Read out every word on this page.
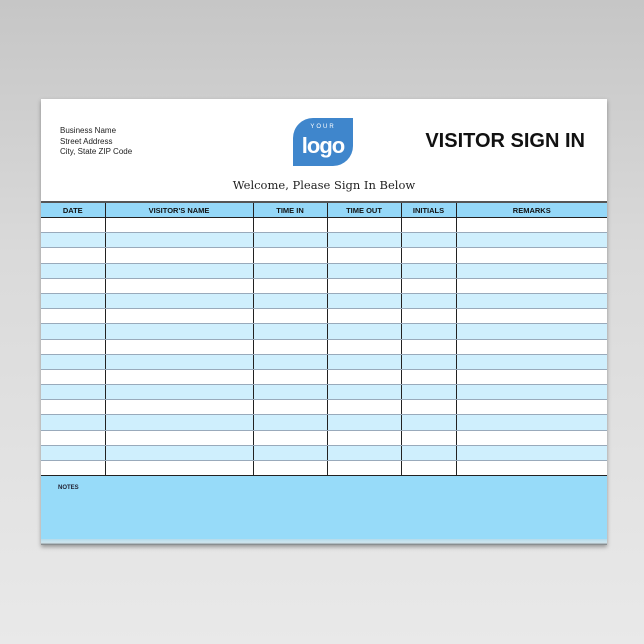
Business Name
Street Address
City, State ZIP Code
YOUR
logo	VISITOR SIGN IN
Welcome, Please Sign In Below
DATE	VISITOR'S NAME	TIME IN	TIME OUT	INITIALS	REMARKS

NOTES
